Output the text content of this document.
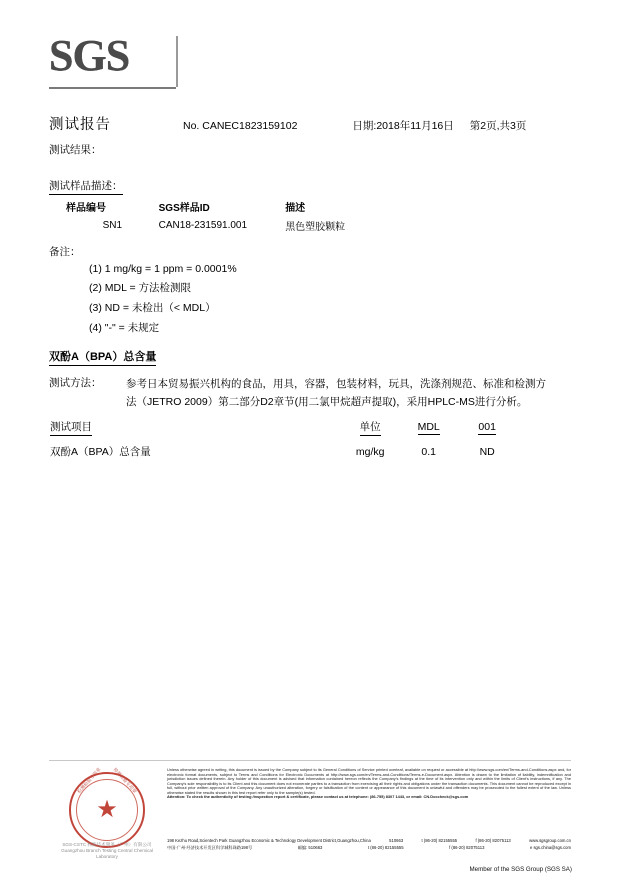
SGS
测试报告	No. CANEC1823159102	日期:2018年11月16日 第2页,共3页
测试结果：
测试样品描述：
样品编号	SGS样品ID	描述
SN1	CAN18-231591.001	黑色塑胶颗粒
备注：
(1) 1 mg/kg = 1 ppm = 0.0001%
(2) MDL = 方法检测限
(3) ND = 未检出（< MDL）
(4) "-" = 未规定
双酚A（BPA）总含量
测试方法： 参考日本贸易振兴机构的食品，用具，容器，包装材料，玩具，洗涤剂规范、标准和检测方
法（JETRO 2009）第二部分D2章节(用二氯甲烷超声提取)，采用HPLC-MS进行分析。
测试项目	单位	MDL	001
双酚A（BPA）总含量	mg/kg	0.1	ND
★
检测检验专用章 检测检验专用章
SGS-CSTC 标准技术服务（广州）有限公司
Guangzhou Branch Testing Central Chemical Laboratory
Unless otherwise agreed in writing, this document is issued by the Company subject to its General Conditions of Service printed overleaf, available on request or accessible at http://www.sgs.com/en/Terms-and-Conditions.aspx and, for electronic format documents, subject to Terms and Conditions for Electronic Documents at http://www.sgs.com/en/Terms-and-Conditions/Terms-e-Document.aspx. Attention is drawn to the limitation of liability, indemnification and jurisdiction issues defined therein. Any holder of this document is advised that information contained hereon reflects the Company's findings at the time of its intervention only and within the limits of Client's instructions, if any. The Company's sole responsibility is to its Client and this document does not exonerate parties to a transaction from exercising all their rights and obligations under the transaction documents. This document cannot be reproduced except in full, without prior written approval of the Company. Any unauthorized alteration, forgery or falsification of the content or appearance of this document is unlawful and offenders may be prosecuted to the fullest extent of the law. Unless otherwise stated the results shown in this test report refer only to the sample(s) tested.
Attention: To check the authenticity of testing /inspection report & certificate, please contact us at telephone: (86-755) 8307 1443, or email: CN.Doccheck@sgs.com
198 Kezhu Road,Scientech Park Guangzhou Economic & Technology Development District,Guangzhou,China	510663	t (86-20) 82155555	f (86-20) 82075113	www.sgsgroup.com.cn
中国·广州·经济技术开发区科学城科珠路198号	邮编: 510663	t (86-20) 82155555	f (86-20) 82075113	e sgs.china@sgs.com
Member of the SGS Group (SGS SA)
